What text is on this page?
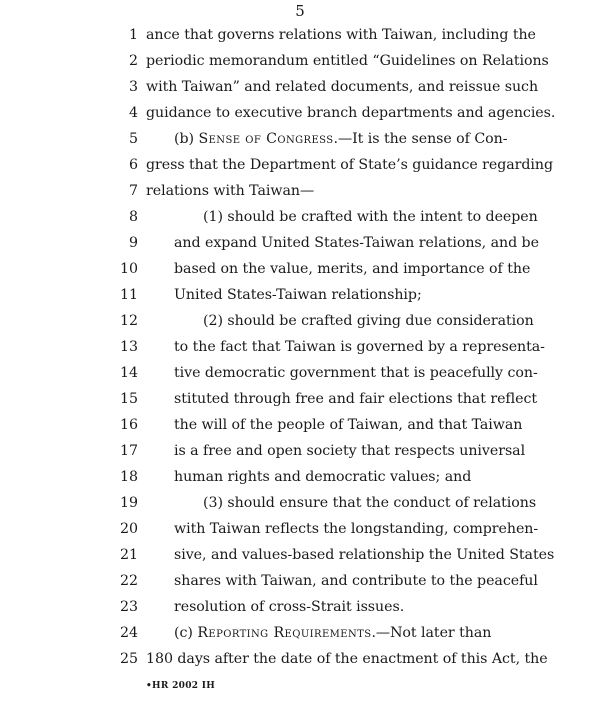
5
1 ance that governs relations with Taiwan, including the
2 periodic memorandum entitled “Guidelines on Relations
3 with Taiwan” and related documents, and reissue such
4 guidance to executive branch departments and agencies.
5	(b) Sense of Congress.—It is the sense of Con-
6 gress that the Department of State’s guidance regarding
7 relations with Taiwan—
8	(1) should be crafted with the intent to deepen
9	and expand United States-Taiwan relations, and be
10	based on the value, merits, and importance of the
11	United States-Taiwan relationship;
12	(2) should be crafted giving due consideration
13	to the fact that Taiwan is governed by a representa-
14	tive democratic government that is peacefully con-
15	stituted through free and fair elections that reflect
16	the will of the people of Taiwan, and that Taiwan
17	is a free and open society that respects universal
18	human rights and democratic values; and
19	(3) should ensure that the conduct of relations
20	with Taiwan reflects the longstanding, comprehen-
21	sive, and values-based relationship the United States
22	shares with Taiwan, and contribute to the peaceful
23	resolution of cross-Strait issues.
24	(c) Reporting Requirements.—Not later than
25 180 days after the date of the enactment of this Act, the
•HR 2002 IH
